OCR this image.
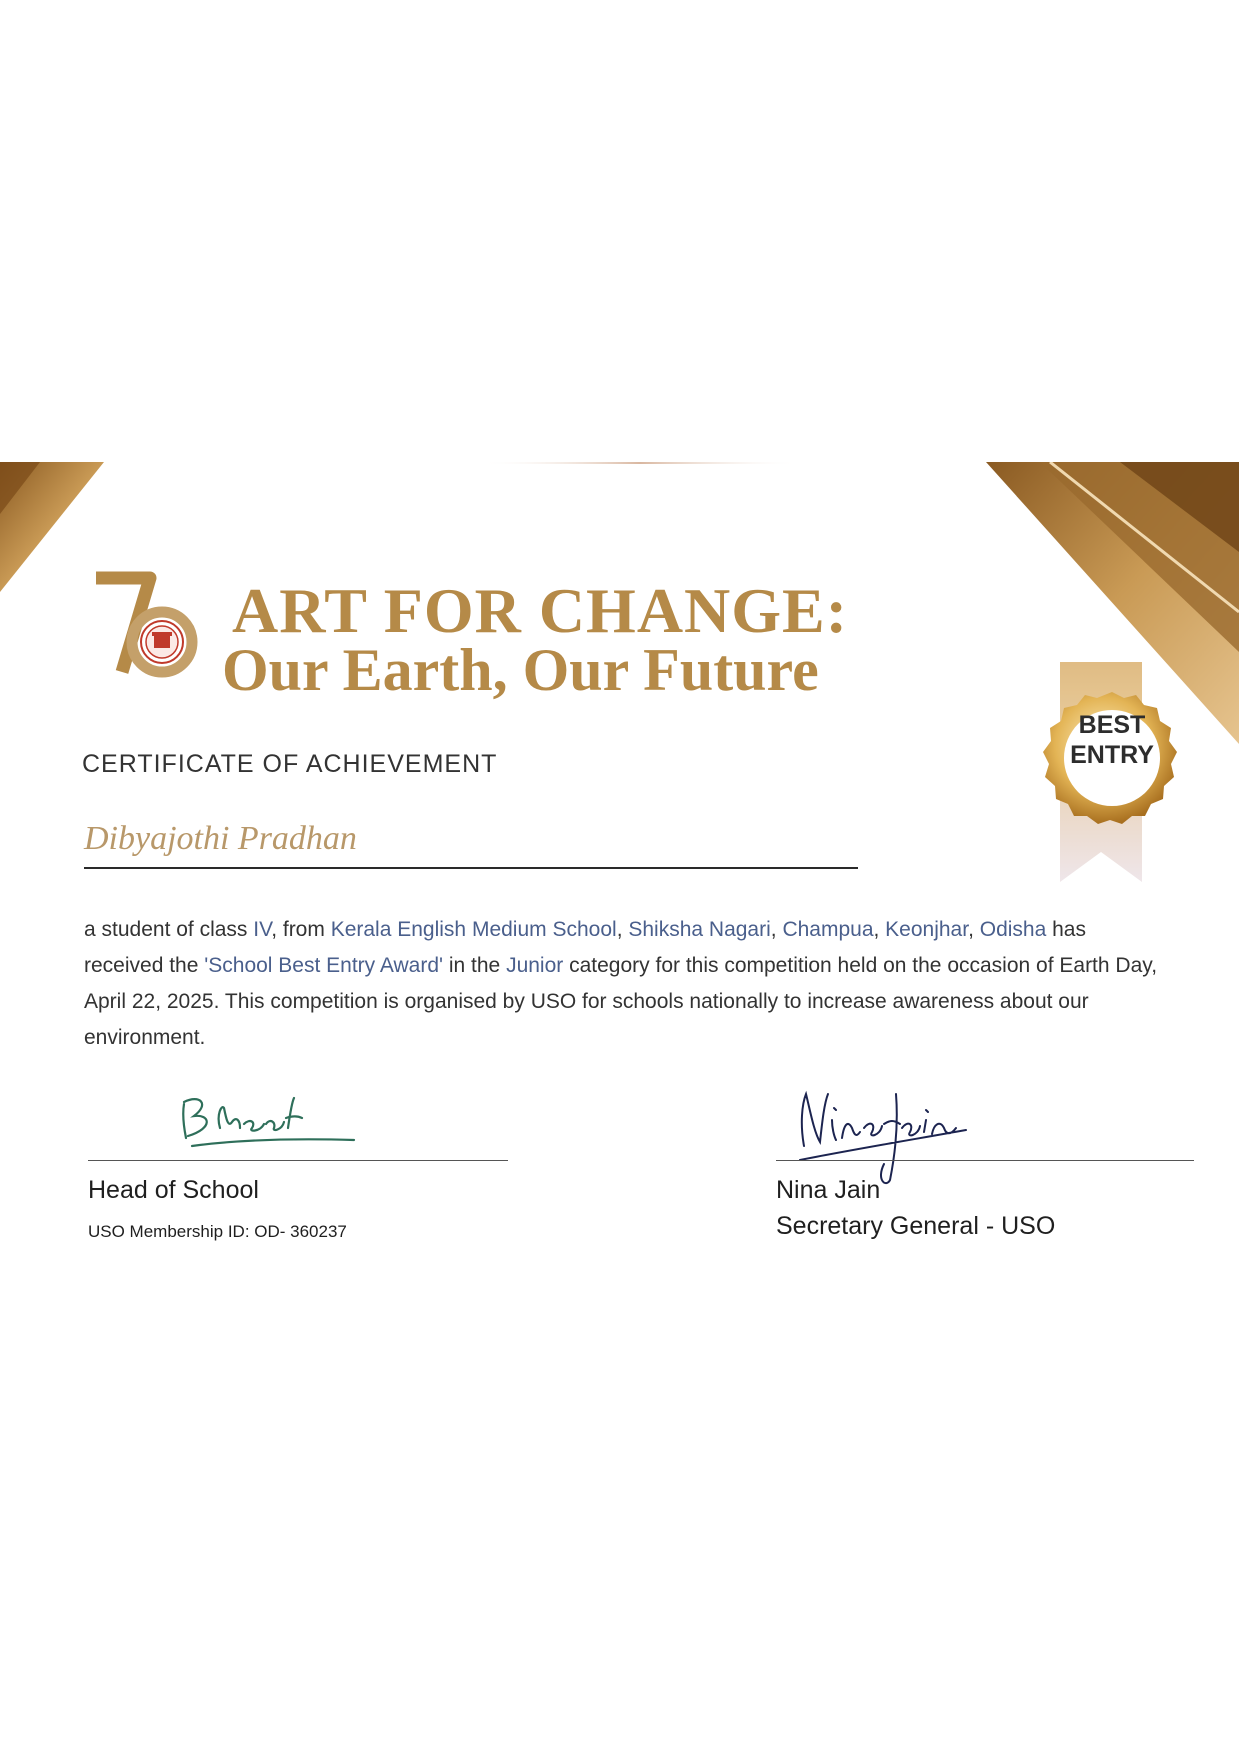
ART FOR CHANGE:
Our Earth, Our Future
BEST
ENTRY
CERTIFICATE OF ACHIEVEMENT
Dibyajothi Pradhan

a student of class IV, from Kerala English Medium School, Shiksha Nagari, Champua, Keonjhar, Odisha has received the 'School Best Entry Award' in the Junior category for this competition held on the occasion of Earth Day, April 22, 2025. This competition is organised by USO for schools nationally to increase awareness about our environment.

Head of School
USO Membership ID: OD- 360237
Nina Jain
Secretary General - USO
